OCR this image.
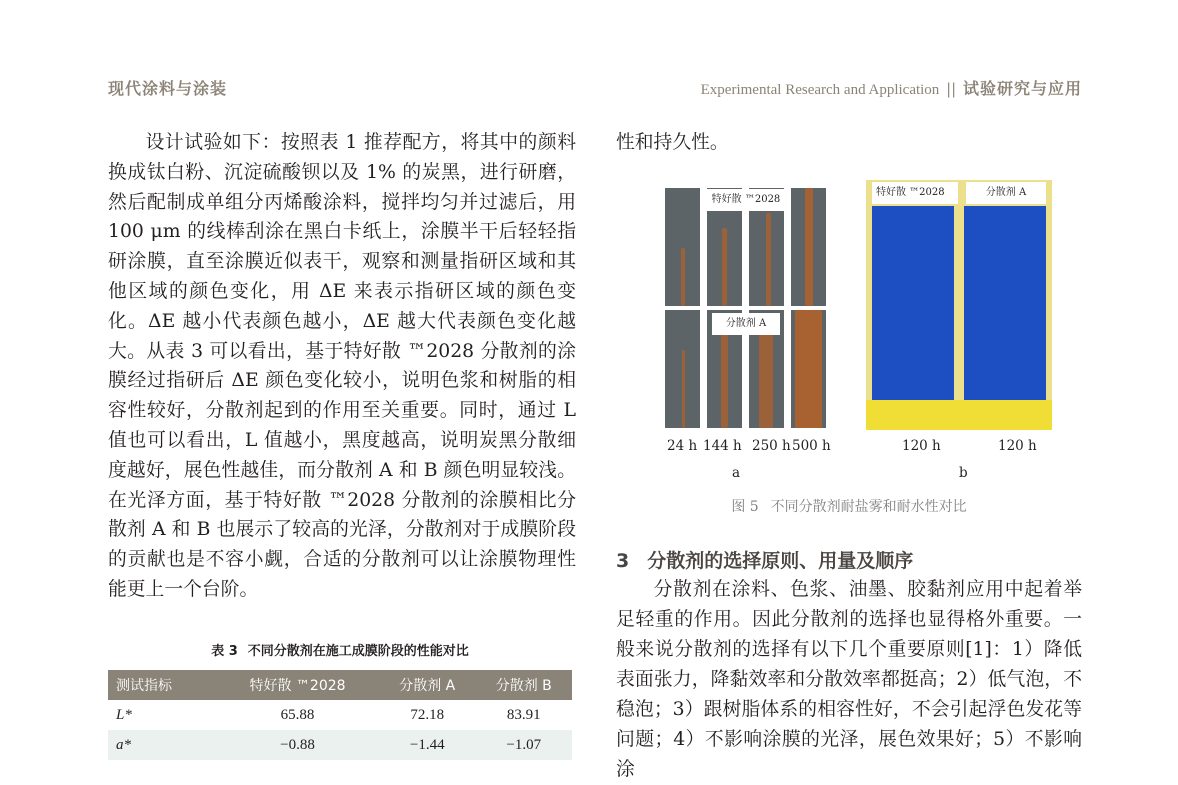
现代涂料与涂装	Experimental Research and Application || 试验研究与应用

设计试验如下：按照表 1 推荐配方，将其中的颜料换成钛白粉、沉淀硫酸钡以及 1% 的炭黑，进行研磨，然后配制成单组分丙烯酸涂料，搅拌均匀并过滤后，用 100 μm 的线棒刮涂在黑白卡纸上，涂膜半干后轻轻指研涂膜，直至涂膜近似表干，观察和测量指研区域和其他区域的颜色变化，用 ΔE 来表示指研区域的颜色变化。ΔE 越小代表颜色越小，ΔE 越大代表颜色变化越大。从表 3 可以看出，基于特好散 ™2028 分散剂的涂膜经过指研后 ΔE 颜色变化较小，说明色浆和树脂的相容性较好，分散剂起到的作用至关重要。同时，通过 L 值也可以看出，L 值越小，黑度越高，说明炭黑分散细度越好，展色性越佳，而分散剂 A 和 B 颜色明显较浅。在光泽方面，基于特好散 ™2028 分散剂的涂膜相比分散剂 A 和 B 也展示了较高的光泽，分散剂对于成膜阶段的贡献也是不容小觑，合适的分散剂可以让涂膜物理性能更上一个台阶。

表 3 不同分散剂在施工成膜阶段的性能对比
测试指标	特好散 ™2028	分散剂 A	分散剂 B
L*	65.88	72.18	83.91
a*	−0.88	−1.44	−1.07

性和持久性。

特好散 ™2028
分散剂 A
24 h 144 h 250 h 500 h
a
特好散 ™2028	分散剂 A
120 h	120 h
b
图 5 不同分散剂耐盐雾和耐水性对比
3 分散剂的选择原则、用量及顺序

分散剂在涂料、色浆、油墨、胶黏剂应用中起着举足轻重的作用。因此分散剂的选择也显得格外重要。一般来说分散剂的选择有以下几个重要原则[1]：1）降低表面张力，降黏效率和分散效率都挺高；2）低气泡，不稳泡；3）跟树脂体系的相容性好，不会引起浮色发花等问题；4）不影响涂膜的光泽，展色效果好；5）不影响涂
